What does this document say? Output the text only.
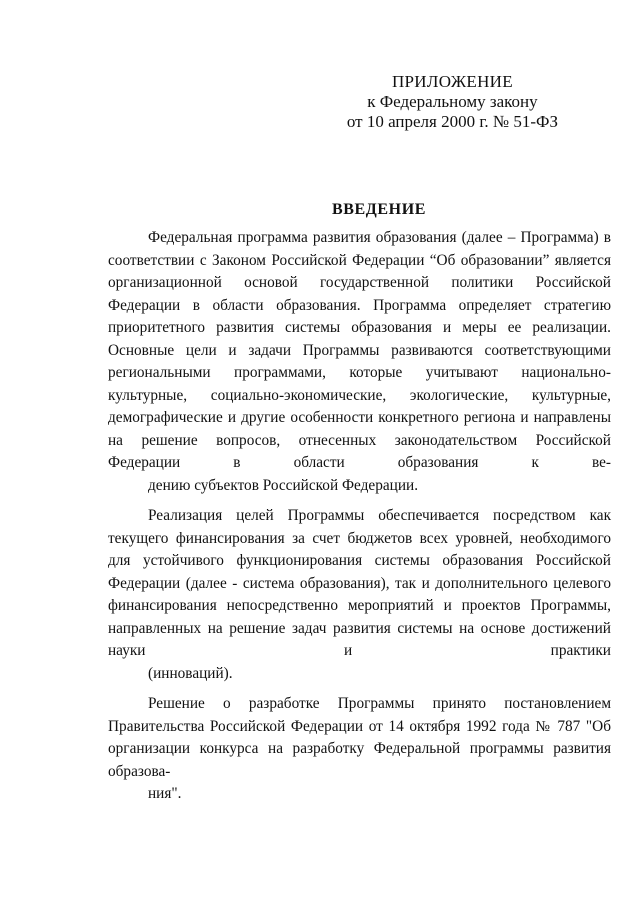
ПРИЛОЖЕНИЕ
к Федеральному закону
от 10 апреля 2000 г. № 51-ФЗ
ВВЕДЕНИЕ

Федеральная программа развития образования (далее – Программа) в соответствии с Законом Российской Федерации “Об образовании” является организационной основой государственной политики Российской Федерации в области образования. Программа определяет стратегию приоритетного развития системы образования и меры ее реализации. Основные цели и задачи Программы развиваются соответствующими региональными программами, которые учитывают национально-культурные, социально-экономические, экологические, культурные, демографические и другие особенности конкретного региона и направлены на решение вопросов, отнесенных законодательством Российской Федерации в области образования к ве-
дению субъектов Российской Федерации.

Реализация целей Программы обеспечивается посредством как текущего финансирования за счет бюджетов всех уровней, необходимого для устойчивого функционирования системы образования Российской Федерации (далее - система образования), так и дополнительного целевого финансирования непосредственно мероприятий и проектов Программы, направленных на решение задач развития системы на основе достижений науки и практики
(инноваций).

Решение о разработке Программы принято постановлением Правительства Российской Федерации от 14 октября 1992 года № 787 "Об организации конкурса на разработку Федеральной программы развития образова-
ния".
